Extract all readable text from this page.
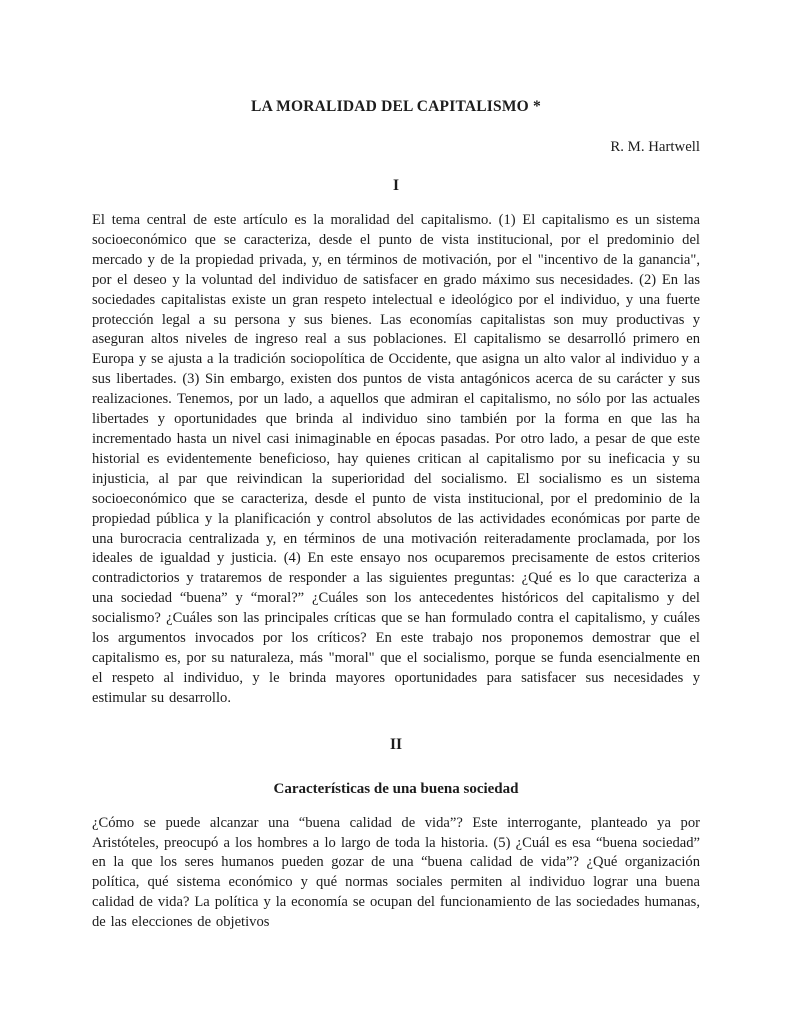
LA MORALIDAD DEL CAPITALISMO *
R. M. Hartwell
I

El tema central de este artículo es la moralidad del capitalismo. (1) El capitalismo es un sistema socioeconómico que se caracteriza, desde el punto de vista institucional, por el predominio del mercado y de la propiedad privada, y, en términos de motivación, por el "incentivo de la ganancia", por el deseo y la voluntad del individuo de satisfacer en grado máximo sus necesidades. (2) En las sociedades capitalistas existe un gran respeto intelectual e ideológico por el individuo, y una fuerte protección legal a su persona y sus bienes. Las economías capitalistas son muy productivas y aseguran altos niveles de ingreso real a sus poblaciones. El capitalismo se desarrolló primero en Europa y se ajusta a la tradición sociopolítica de Occidente, que asigna un alto valor al individuo y a sus libertades. (3) Sin embargo, existen dos puntos de vista antagónicos acerca de su carácter y sus realizaciones. Tenemos, por un lado, a aquellos que admiran el capitalismo, no sólo por las actuales libertades y oportunidades que brinda al individuo sino también por la forma en que las ha incrementado hasta un nivel casi inimaginable en épocas pasadas. Por otro lado, a pesar de que este historial es evidentemente beneficioso, hay quienes critican al capitalismo por su ineficacia y su injusticia, al par que reivindican la superioridad del socialismo. El socialismo es un sistema socioeconómico que se caracteriza, desde el punto de vista institucional, por el predominio de la propiedad pública y la planificación y control absolutos de las actividades económicas por parte de una burocracia centralizada y, en términos de una motivación reiteradamente proclamada, por los ideales de igualdad y justicia. (4) En este ensayo nos ocuparemos precisamente de estos criterios contradictorios y trataremos de responder a las siguientes preguntas: ¿Qué es lo que caracteriza a una sociedad “buena” y “moral?” ¿Cuáles son los antecedentes históricos del capitalismo y del socialismo? ¿Cuáles son las principales críticas que se han formulado contra el capitalismo, y cuáles los argumentos invocados por los críticos? En este trabajo nos proponemos demostrar que el capitalismo es, por su naturaleza, más "moral" que el socialismo, porque se funda esencialmente en el respeto al individuo, y le brinda mayores oportunidades para satisfacer sus necesidades y estimular su desarrollo.

II
Características de una buena sociedad

¿Cómo se puede alcanzar una “buena calidad de vida”? Este interrogante, planteado ya por Aristóteles, preocupó a los hombres a lo largo de toda la historia. (5) ¿Cuál es esa “buena sociedad” en la que los seres humanos pueden gozar de una “buena calidad de vida”? ¿Qué organización política, qué sistema económico y qué normas sociales permiten al individuo lograr una buena calidad de vida? La política y la economía se ocupan del funcionamiento de las sociedades humanas, de las elecciones de objetivos
